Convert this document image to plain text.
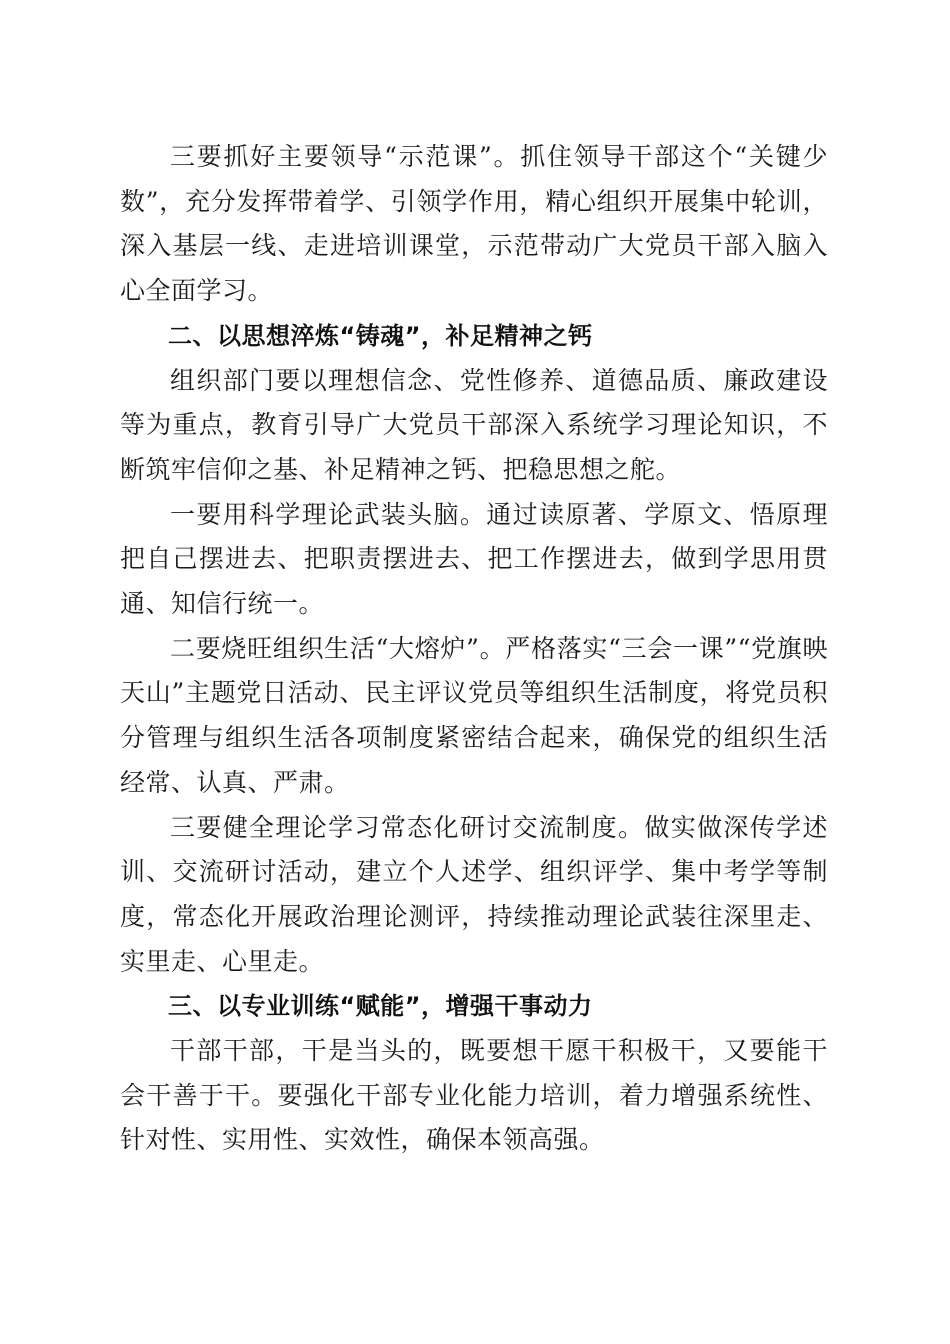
三要抓好主要领导“示范课”。抓住领导干部这个“关键少数”，充分发挥带着学、引领学作用，精心组织开展集中轮训，深入基层一线、走进培训课堂，示范带动广大党员干部入脑入心全面学习。

二、以思想淬炼“铸魂”，补足精神之钙

组织部门要以理想信念、党性修养、道德品质、廉政建设等为重点，教育引导广大党员干部深入系统学习理论知识，不断筑牢信仰之基、补足精神之钙、把稳思想之舵。

一要用科学理论武装头脑。通过读原著、学原文、悟原理把自己摆进去、把职责摆进去、把工作摆进去，做到学思用贯通、知信行统一。

二要烧旺组织生活“大熔炉”。严格落实“三会一课”“党旗映天山”主题党日活动、民主评议党员等组织生活制度，将党员积分管理与组织生活各项制度紧密结合起来，确保党的组织生活经常、认真、严肃。

三要健全理论学习常态化研讨交流制度。做实做深传学述训、交流研讨活动，建立个人述学、组织评学、集中考学等制度，常态化开展政治理论测评，持续推动理论武装往深里走、实里走、心里走。

三、以专业训练“赋能”，增强干事动力

干部干部，干是当头的，既要想干愿干积极干，又要能干会干善于干。要强化干部专业化能力培训，着力增强系统性、针对性、实用性、实效性，确保本领高强。
